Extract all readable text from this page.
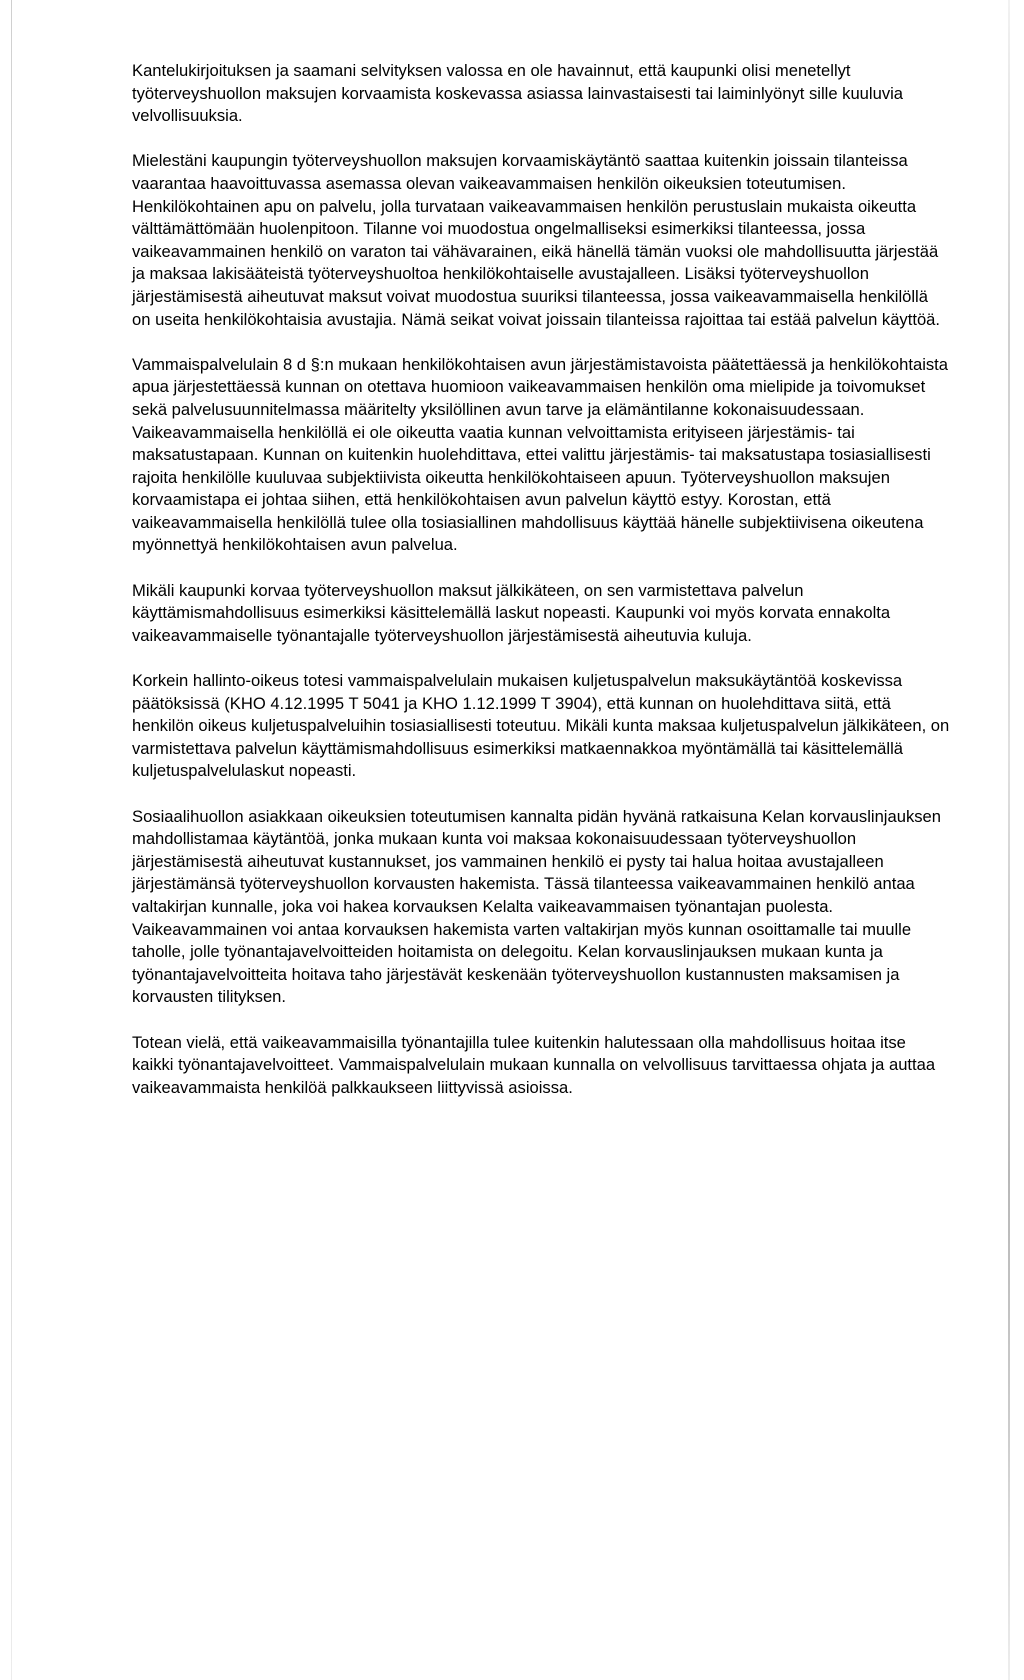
Kantelukirjoituksen ja saamani selvityksen valossa en ole havainnut, että kaupunki olisi menetellyt työterveyshuollon maksujen korvaamista koskevassa asiassa lainvastaisesti tai laiminlyönyt sille kuuluvia velvollisuuksia.

Mielestäni kaupungin työterveyshuollon maksujen korvaamiskäytäntö saattaa kuitenkin joissain tilanteissa vaarantaa haavoittuvassa asemassa olevan vaikeavammaisen henkilön oikeuksien toteutumisen. Henkilökohtainen apu on palvelu, jolla turvataan vaikeavammaisen henkilön perustuslain mukaista oikeutta välttämättömään huolenpitoon. Tilanne voi muodostua ongelmalliseksi esimerkiksi tilanteessa, jossa vaikeavammainen henkilö on varaton tai vähävarainen, eikä hänellä tämän vuoksi ole mahdollisuutta järjestää ja maksaa lakisääteistä työterveyshuoltoa henkilökohtaiselle avustajalleen. Lisäksi työterveyshuollon järjestämisestä aiheutuvat maksut voivat muodostua suuriksi tilanteessa, jossa vaikeavammaisella henkilöllä on useita henkilökohtaisia avustajia. Nämä seikat voivat joissain tilanteissa rajoittaa tai estää palvelun käyttöä.

Vammaispalvelulain 8 d §:n mukaan henkilökohtaisen avun järjestämistavoista päätettäessä ja henkilökohtaista apua järjestettäessä kunnan on otettava huomioon vaikeavammaisen henkilön oma mielipide ja toivomukset sekä palvelusuunnitelmassa määritelty yksilöllinen avun tarve ja elämäntilanne kokonaisuudessaan. Vaikeavammaisella henkilöllä ei ole oikeutta vaatia kunnan velvoittamista erityiseen järjestämis- tai maksatustapaan. Kunnan on kuitenkin huolehdittava, ettei valittu järjestämis- tai maksatustapa tosiasiallisesti rajoita henkilölle kuuluvaa subjektiivista oikeutta henkilökohtaiseen apuun. Työterveyshuollon maksujen korvaamistapa ei johtaa siihen, että henkilökohtaisen avun palvelun käyttö estyy. Korostan, että vaikeavammaisella henkilöllä tulee olla tosiasiallinen mahdollisuus käyttää hänelle subjektiivisena oikeutena myönnettyä henkilökohtaisen avun palvelua.

Mikäli kaupunki korvaa työterveyshuollon maksut jälkikäteen, on sen varmistettava palvelun käyttämismahdollisuus esimerkiksi käsittelemällä laskut nopeasti. Kaupunki voi myös korvata ennakolta vaikeavammaiselle työnantajalle työterveyshuollon järjestämisestä aiheutuvia kuluja.

Korkein hallinto-oikeus totesi vammaispalvelulain mukaisen kuljetuspalvelun maksukäytäntöä koskevissa päätöksissä (KHO 4.12.1995 T 5041 ja KHO 1.12.1999 T 3904), että kunnan on huolehdittava siitä, että henkilön oikeus kuljetuspalveluihin tosiasiallisesti toteutuu. Mikäli kunta maksaa kuljetuspalvelun jälkikäteen, on varmistettava palvelun käyttämismahdollisuus esimerkiksi matkaennakkoa myöntämällä tai käsittelemällä kuljetuspalvelulaskut nopeasti.

Sosiaalihuollon asiakkaan oikeuksien toteutumisen kannalta pidän hyvänä ratkaisuna Kelan korvauslinjauksen mahdollistamaa käytäntöä, jonka mukaan kunta voi maksaa kokonaisuudessaan työterveyshuollon järjestämisestä aiheutuvat kustannukset, jos vammainen henkilö ei pysty tai halua hoitaa avustajalleen järjestämänsä työterveyshuollon korvausten hakemista. Tässä tilanteessa vaikeavammainen henkilö antaa valtakirjan kunnalle, joka voi hakea korvauksen Kelalta vaikeavammaisen työnantajan puolesta. Vaikeavammainen voi antaa korvauksen hakemista varten valtakirjan myös kunnan osoittamalle tai muulle taholle, jolle työnantajavelvoitteiden hoitamista on delegoitu. Kelan korvauslinjauksen mukaan kunta ja työnantajavelvoitteita hoitava taho järjestävät keskenään työterveyshuollon kustannusten maksamisen ja korvausten tilityksen.

Totean vielä, että vaikeavammaisilla työnantajilla tulee kuitenkin halutessaan olla mahdollisuus hoitaa itse kaikki työnantajavelvoitteet. Vammaispalvelulain mukaan kunnalla on velvollisuus tarvittaessa ohjata ja auttaa vaikeavammaista henkilöä palkkaukseen liittyvissä asioissa.
